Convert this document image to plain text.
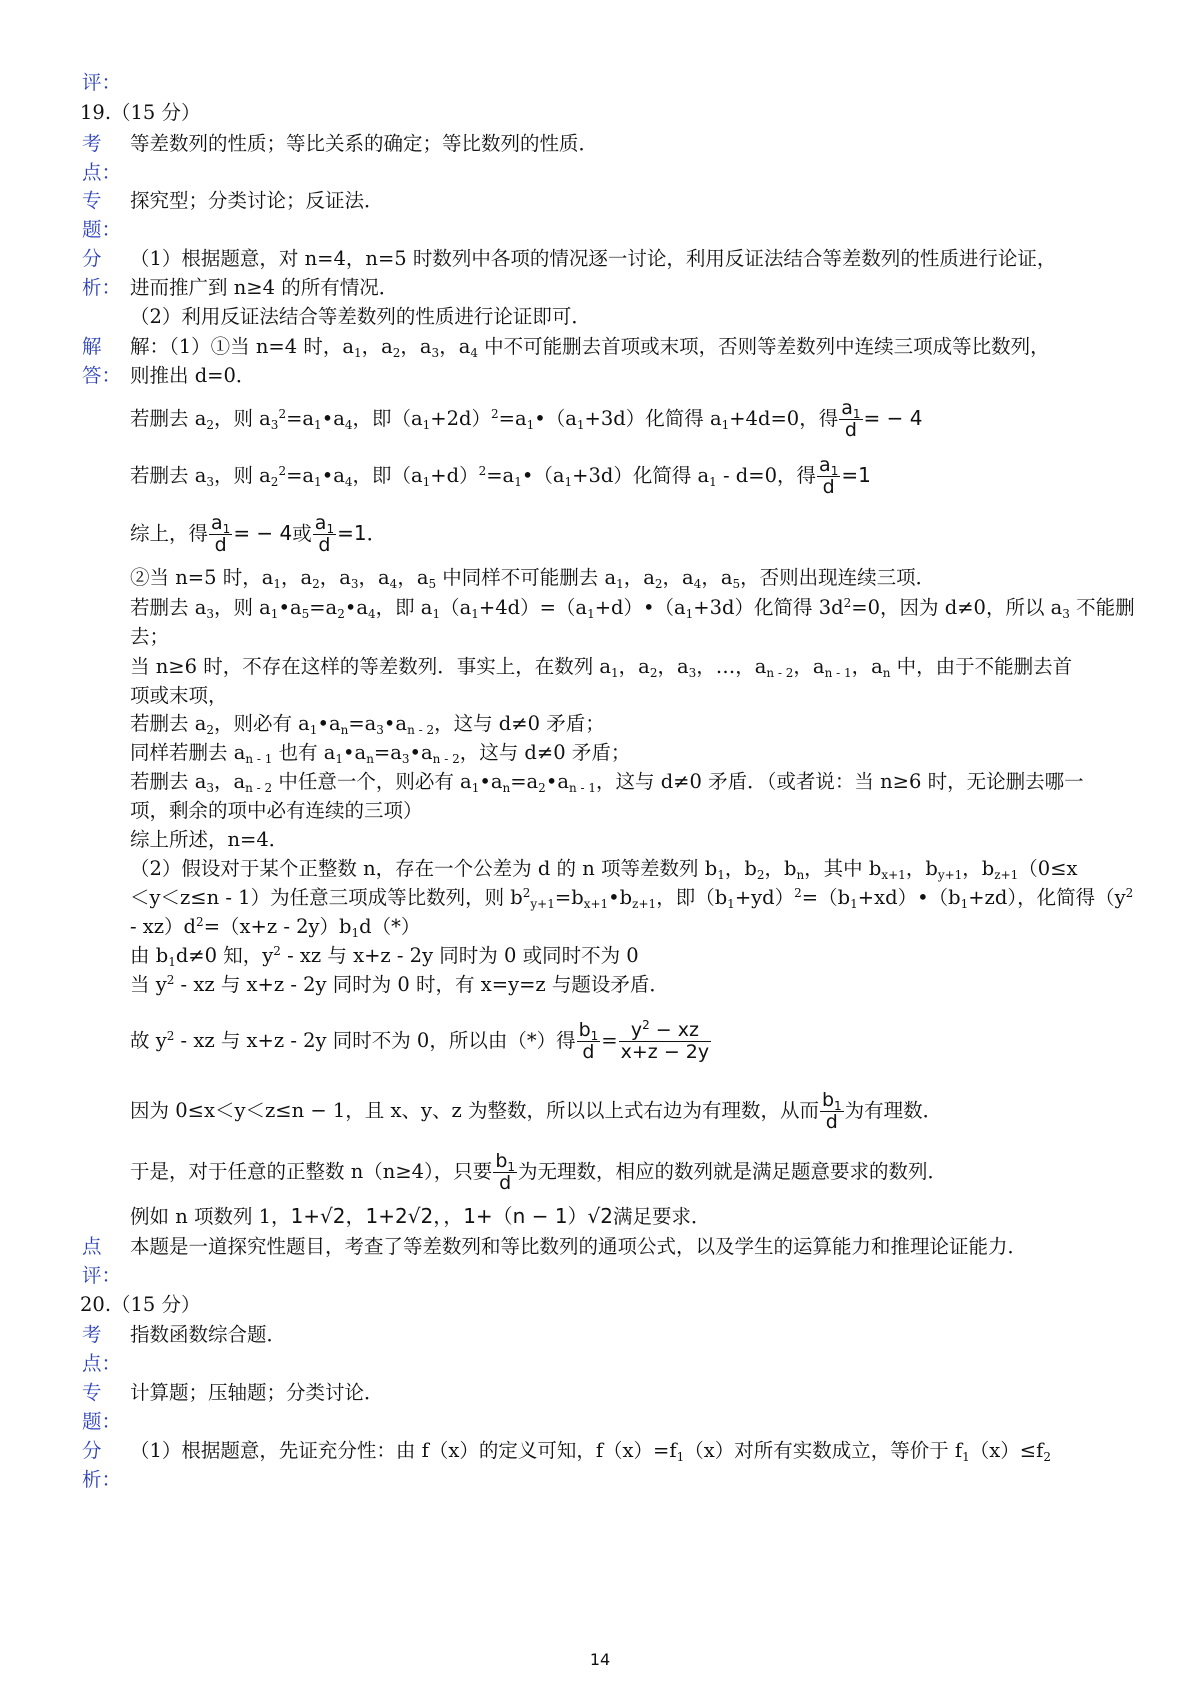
评：
19.（15 分）
考 等差数列的性质；等比关系的确定；等比数列的性质．
点：
专 探究型；分类讨论；反证法．
题：
分 （1）根据题意，对 n=4，n=5 时数列中各项的情况逐一讨论，利用反证法结合等差数列的性质进行论证，
析： 进而推广到 n≥4 的所有情况．
（2）利用反证法结合等差数列的性质进行论证即可．
解 解：（1）①当 n=4 时，$a_1$，$a_2$，$a_3$，$a_4$ 中不可能删去首项或末项，否则等差数列中连续三项成等比数列，
答： 则推出 d=0．
若删去 $a_2$，则 $a_3^2=a_1•a_4$，即$(a_1+2d)^2=a_1•(a_1+3d)$化简得 $a_1+4d=0$，得 $\frac{a_1}{d}$ = − 4
若删去 $a_3$，则 $a_2^2=a_1•a_4$，即$(a_1+d)^2=a_1•(a_1+3d)$化简得 $a_1 - d=0$，得 $\frac{a_1}{d} =1$
综上，得 $\frac{a_1}{d}$ = − 4或 $\frac{a_1}{d} =1$．
②当 n=5 时，$a_1$，$a_2$，$a_3$，$a_4$，$a_5$ 中同样不可能删去 $a_1$，$a_2$，$a_4$，$a_5$，否则出现连续三项．
若删去 $a_3$，则 $a_1•a_5=a_2•a_4$，即 $a_1(a_1+4d)=(a_1+d)•(a_1+3d)$化简得 $3d^2=0$，因为 d≠0，所以 $a_3$ 不能删
去；
当 n≥6 时，不存在这样的等差数列．事实上，在数列 $a_1$，$a_2$，$a_3$，…，$a_{n - 2}$，$a_{n - 1}$，$a_n$ 中，由于不能删去首
项或末项，
若删去 $a_2$，则必有 $a_1•a_n=a_3•a_{n - 2}$，这与 d≠0 矛盾；
同样若删去 $a_{n - 1}$ 也有 $a_1•a_n=a_3•a_{n - 2}$，这与 d≠0 矛盾；
若删去 $a_3$，$a_{n - 2}$ 中任意一个，则必有 $a_1•a_n=a_2•a_{n - 1}$，这与 d≠0 矛盾．（或者说：当 n≥6 时，无论删去哪一
项，剩余的项中必有连续的三项）
综上所述，n=4．
（2）假设对于某个正整数 n，存在一个公差为 d 的 n 项等差数列 $b_1$，$b_2$，$b_n$，其中 $b_{x+1}$，$b_{y+1}$，$b_{z+1}(0\le x$
＜y＜z≤n - 1）为任意三项成等比数列，则 $b^2_{y+1}=b_{x+1}•b_{z+1}$，即$(b_1+yd)^2=(b_1+xd)•(b_1+zd)$，化简得（$y^2$
- $xz)d^2=(x+z - 2y)b_1d(*)$
由 $b_1d\ne 0$ 知，$y^2$ - xz 与 x+z - 2y 同时为 0 或同时不为 0
当 $y^2$ - xz 与 x+z - 2y 同时为 0 时，有 x=y=z 与题设矛盾．
故 $y^2$ - xz 与 x+z - 2y 同时不为 0，所以由（*）得 $\frac{b_1}{d} = \frac{y^2 - xz}{x+z - 2y}$
因为 0≤x＜y＜z≤n − 1，且 x、y、z 为整数，所以以上式右边为有理数，从而 $\frac{b_1}{d}$ 为有理数．
于是，对于任意的正整数 n（n≥4），只要 $\frac{b_1}{d}$ 为无理数，相应的数列就是满足题意要求的数列．
例如 n 项数列 1，1+√2，1+2√2，，1+（n − 1）√2满足要求．
点 本题是一道探究性题目，考查了等差数列和等比数列的通项公式，以及学生的运算能力和推理论证能力．
评：
20.（15 分）
考 指数函数综合题．
点：
专 计算题；压轴题；分类讨论．
题：
分 （1）根据题意，先证充分性：由 f（x）的定义可知，$f(x)=f_1(x)$对所有实数成立，等价于 $f_1(x)\le f_2$
析：
14
